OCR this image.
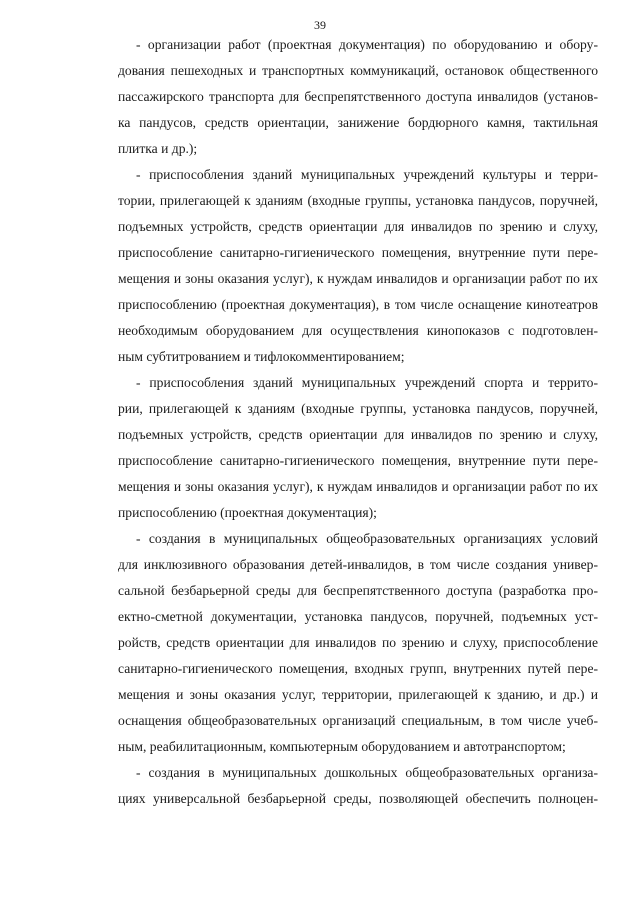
39
- организации работ (проектная документация) по оборудованию и обору-
дования пешеходных и транспортных коммуникаций, остановок общественного
пассажирского транспорта для беспрепятственного доступа инвалидов (установ-
ка пандусов, средств ориентации, занижение бордюрного камня, тактильная
плитка и др.);
- приспособления зданий муниципальных учреждений культуры и терри-
тории, прилегающей к зданиям (входные группы, установка пандусов, поручней,
подъемных устройств, средств ориентации для инвалидов по зрению и слуху,
приспособление санитарно-гигиенического помещения, внутренние пути пере-
мещения и зоны оказания услуг), к нуждам инвалидов и организации работ по их
приспособлению (проектная документация), в том числе оснащение кинотеатров
необходимым оборудованием для осуществления кинопоказов с подготовлен-
ным субтитрованием и тифлокомментированием;
- приспособления зданий муниципальных учреждений спорта и террито-
рии, прилегающей к зданиям (входные группы, установка пандусов, поручней,
подъемных устройств, средств ориентации для инвалидов по зрению и слуху,
приспособление санитарно-гигиенического помещения, внутренние пути пере-
мещения и зоны оказания услуг), к нуждам инвалидов и организации работ по их
приспособлению (проектная документация);
- создания в муниципальных общеобразовательных организациях условий
для инклюзивного образования детей-инвалидов, в том числе создания универ-
сальной безбарьерной среды для беспрепятственного доступа (разработка про-
ектно-сметной документации, установка пандусов, поручней, подъемных уст-
ройств, средств ориентации для инвалидов по зрению и слуху, приспособление
санитарно-гигиенического помещения, входных групп, внутренних путей пере-
мещения и зоны оказания услуг, территории, прилегающей к зданию, и др.) и
оснащения общеобразовательных организаций специальным, в том числе учеб-
ным, реабилитационным, компьютерным оборудованием и автотранспортом;
- создания в муниципальных дошкольных общеобразовательных организа-
циях универсальной безбарьерной среды, позволяющей обеспечить полноцен-
